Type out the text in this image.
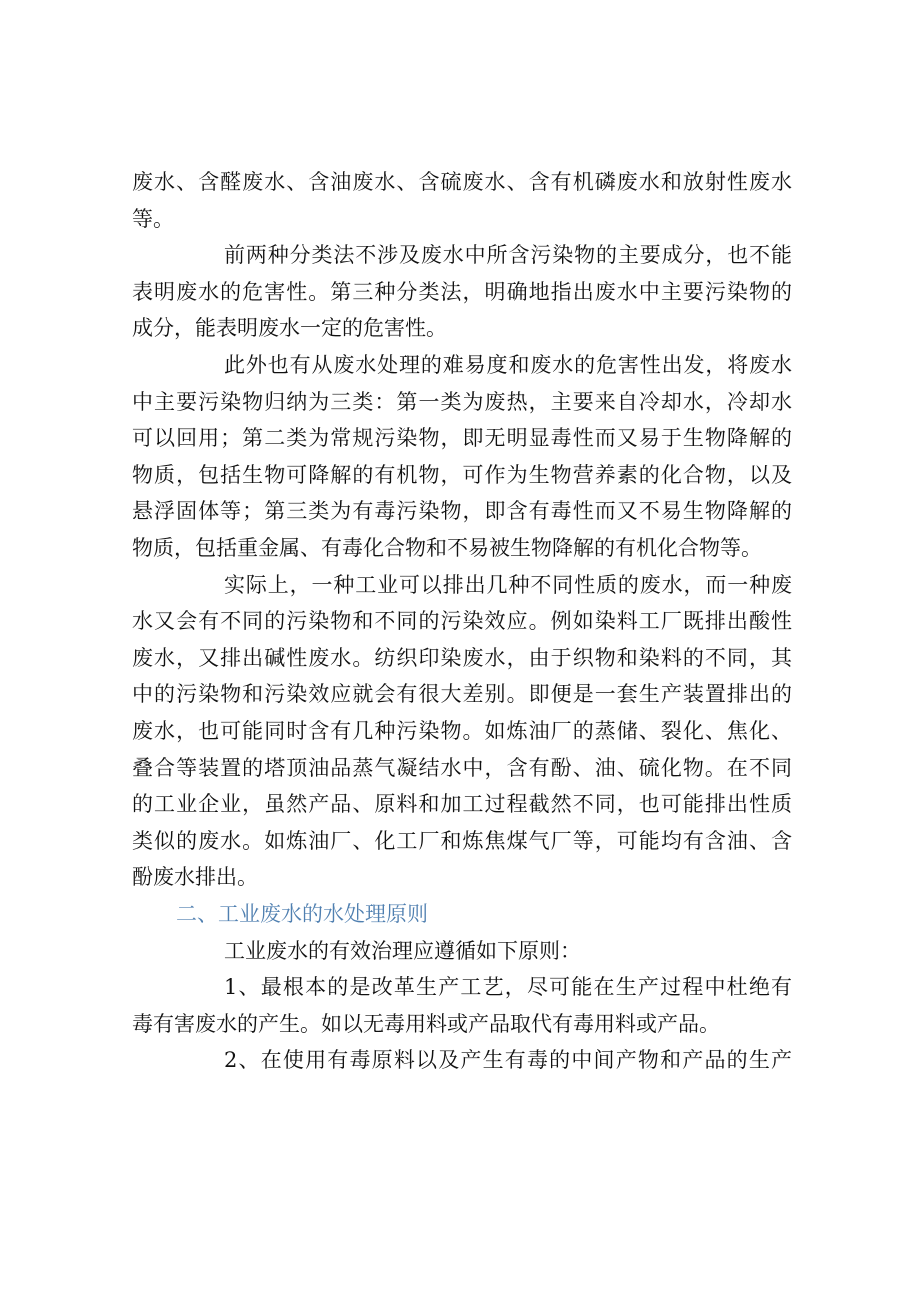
废水、含醛废水、含油废水、含硫废水、含有机磷废水和放射性废水
等。
前两种分类法不涉及废水中所含污染物的主要成分，也不能
表明废水的危害性。第三种分类法，明确地指出废水中主要污染物的
成分，能表明废水一定的危害性。
此外也有从废水处理的难易度和废水的危害性出发，将废水
中主要污染物归纳为三类：第一类为废热，主要来自冷却水，冷却水
可以回用；第二类为常规污染物，即无明显毒性而又易于生物降解的
物质，包括生物可降解的有机物，可作为生物营养素的化合物，以及
悬浮固体等；第三类为有毒污染物，即含有毒性而又不易生物降解的
物质，包括重金属、有毒化合物和不易被生物降解的有机化合物等。
实际上，一种工业可以排出几种不同性质的废水，而一种废
水又会有不同的污染物和不同的污染效应。例如染料工厂既排出酸性
废水，又排出碱性废水。纺织印染废水，由于织物和染料的不同，其
中的污染物和污染效应就会有很大差别。即便是一套生产装置排出的
废水，也可能同时含有几种污染物。如炼油厂的蒸储、裂化、焦化、
叠合等装置的塔顶油品蒸气凝结水中，含有酚、油、硫化物。在不同
的工业企业，虽然产品、原料和加工过程截然不同，也可能排出性质
类似的废水。如炼油厂、化工厂和炼焦煤气厂等，可能均有含油、含
酚废水排出。
二、工业废水的水处理原则
工业废水的有效治理应遵循如下原则：
1、最根本的是改革生产工艺，尽可能在生产过程中杜绝有
毒有害废水的产生。如以无毒用料或产品取代有毒用料或产品。
2、在使用有毒原料以及产生有毒的中间产物和产品的生产
